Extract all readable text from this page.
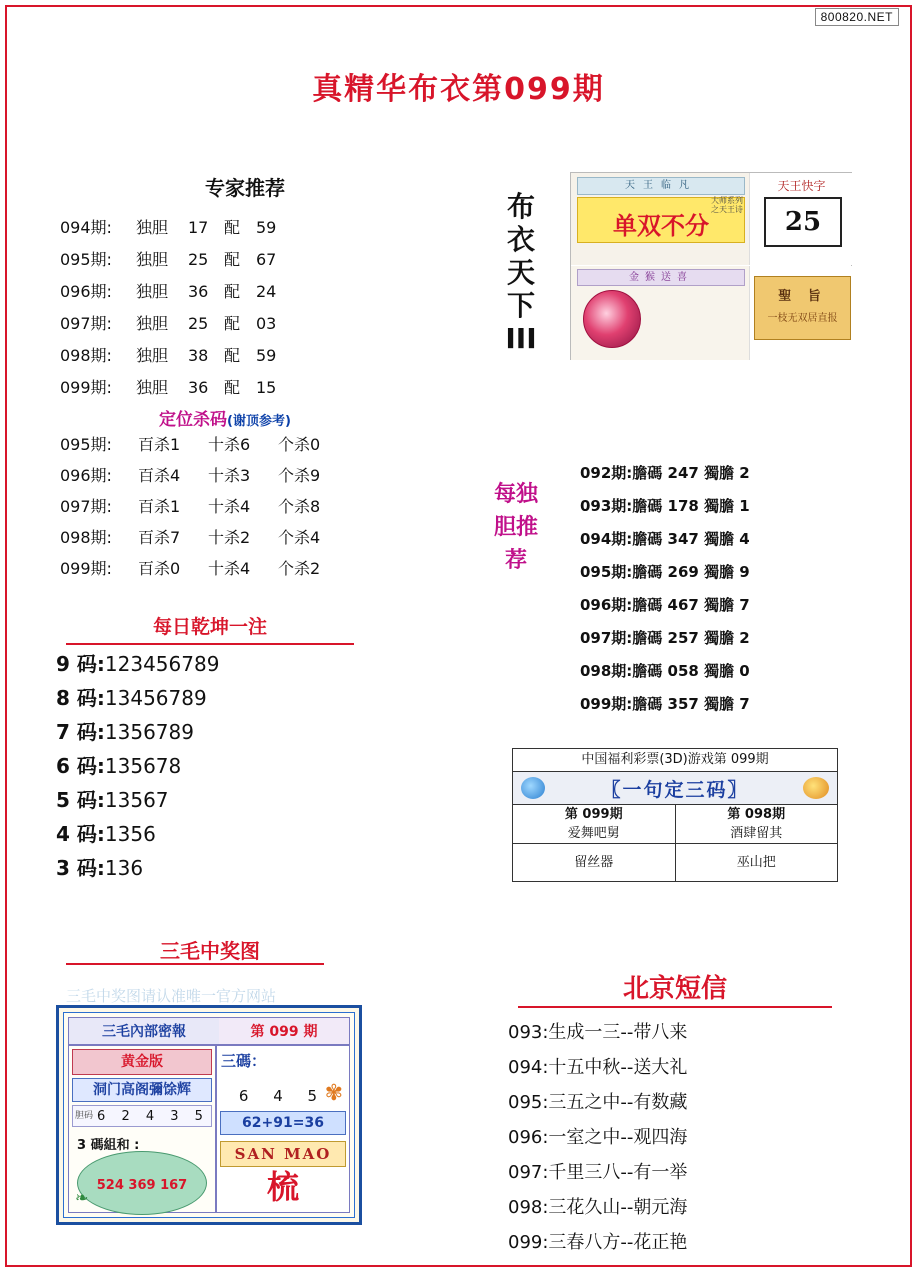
800820.NET
真精华布衣第099期
专家推荐
094期: 独胆 17 配 59
095期: 独胆 25 配 67
096期: 独胆 36 配 24
097期: 独胆 25 配 03
098期: 独胆 38 配 59
099期: 独胆 36 配 15
定位杀码(谢顶参考)
095期: 百杀1 十杀6 个杀0
096期: 百杀4 十杀3 个杀9
097期: 百杀1 十杀4 个杀8
098期: 百杀7 十杀2 个杀4
099期: 百杀0 十杀4 个杀2
每日乾坤一注
9 码:123456789
8 码:13456789
7 码:1356789
6 码:135678
5 码:13567
4 码:1356
3 码:136
三毛中奖图
三毛中奖图请认准唯一官方网站
三毛內部密報	第 099 期
黄金版
洞门高阁彌馀辉
胆码 6 2 4 3 5
3 碼組和 :
524 369 167
❧
三碼：
✾
6 4 5
62+91=36
SAN MAO
梳
布衣天下III
天王临凡
单双不分
大师系列之天王诗
天王快字
25
金猴送喜
聖 旨
一枝无双居直报
每独胆推荐
092期:膽碼 247 獨膽 2
093期:膽碼 178 獨膽 1
094期:膽碼 347 獨膽 4
095期:膽碼 269 獨膽 9
096期:膽碼 467 獨膽 7
097期:膽碼 257 獨膽 2
098期:膽碼 058 獨膽 0
099期:膽碼 357 獨膽 7
中国福利彩票(3D)游戏第 099期
〖一句定三码〗
第 099期
爱舞吧舅
第 098期
酒肆留其
留丝器	巫山把
北京短信
093:生成一三--带八来
094:十五中秋--送大礼
095:三五之中--有数藏
096:一室之中--观四海
097:千里三八--有一举
098:三花久山--朝元海
099:三春八方--花正艳
